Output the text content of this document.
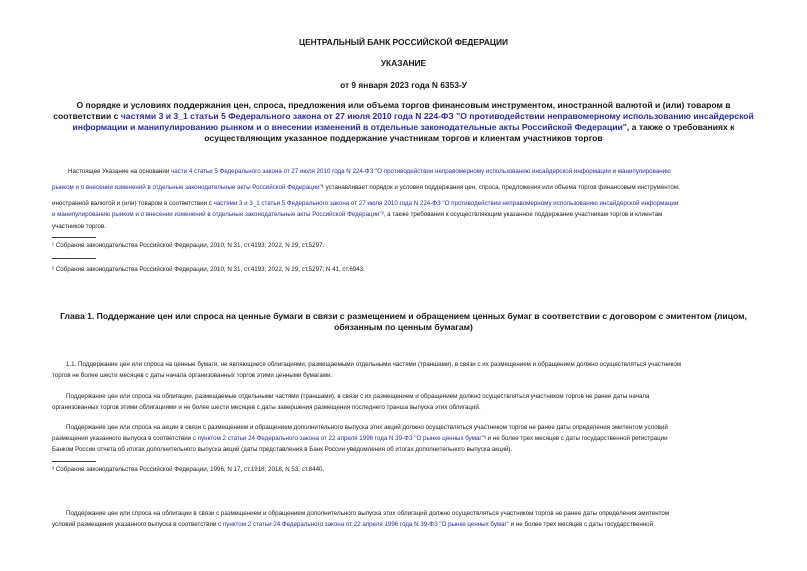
ЦЕНТРАЛЬНЫЙ БАНК РОССИЙСКОЙ ФЕДЕРАЦИИ
УКАЗАНИЕ
от 9 января 2023 года N 6353-У
О порядке и условиях поддержания цен, спроса, предложения или объема торгов финансовым инструментом, иностранной валютой и (или) товаром в
соответствии с частями 3 и 3_1 статьи 5 Федерального закона от 27 июля 2010 года N 224-ФЗ "О противодействии неправомерному использованию инсайдерской
информации и манипулированию рынком и о внесении изменений в отдельные законодательные акты Российской Федерации", а также о требованиях к
осуществляющим указанное поддержание участникам торгов и клиентам участников торгов
Настоящее Указание на основании части 4 статьи 5 Федерального закона от 27 июля 2010 года N 224-ФЗ "О противодействии неправомерному использованию инсайдерской информации и манипулированию
рынком и о внесении изменений в отдельные законодательные акты Российской Федерации"¹ устанавливает порядок и условия поддержания цен, спроса, предложения или объема торгов финансовым инструментом,
иностранной валютой и (или) товаром в соответствии с частями 3 и 3_1 статьи 5 Федерального закона от 27 июля 2010 года N 224-ФЗ "О противодействии неправомерному использованию инсайдерской информации
и манипулированию рынком и о внесении изменений в отдельные законодательные акты Российской Федерации"², а также требования к осуществляющим указанное поддержание участникам торгов и клиентам
участников торгов.
¹ Собрание законодательства Российской Федерации, 2010, N 31, ст.4193; 2022, N 29, ст.5297.
² Собрание законодательства Российской Федерации, 2010, N 31, ст.4193; 2022, N 29, ст.5297; N 41, ст.6943.
Глава 1. Поддержание цен или спроса на ценные бумаги в связи с размещением и обращением ценных бумаг в соответствии с договором с эмитентом (лицом,
обязанным по ценным бумагам)
1.1. Поддержание цен или спроса на ценные бумаги, не являющиеся облигациями, размещаемыми отдельными частями (траншами), в связи с их размещением и обращением должно осуществляться участником
торгов не более шести месяцев с даты начала организованных торгов этими ценными бумагами.
Поддержание цен или спроса на облигации, размещаемые отдельными частями (траншами), в связи с их размещением и обращением должно осуществляться участником торгов не ранее даты начала
организованных торгов этими облигациями и не более шести месяцев с даты завершения размещения последнего транша выпуска этих облигаций.
Поддержание цен или спроса на акции в связи с размещением и обращением дополнительного выпуска этих акций должно осуществляться участником торгов не ранее даты определения эмитентом условий
размещения указанного выпуска в соответствии с пунктом 2 статьи 24 Федерального закона от 22 апреля 1996 года N 39-ФЗ "О рынке ценных бумаг"³ и не более трех месяцев с даты государственной регистрации
Банком России отчета об итогах дополнительного выпуска акций (даты представления в Банк России уведомления об итогах дополнительного выпуска акций).
³ Собрание законодательства Российской Федерации, 1996, N 17, ст.1918; 2018, N 53, ст.8440.
Поддержание цен или спроса на облигации в связи с размещением и обращением дополнительного выпуска этих облигаций должно осуществляться участником торгов не ранее даты определения эмитентом
условий размещения указанного выпуска в соответствии с пунктом 2 статьи 24 Федерального закона от 22 апреля 1996 года N 39-ФЗ "О рынке ценных бумаг" и не более трех месяцев с даты государственной
